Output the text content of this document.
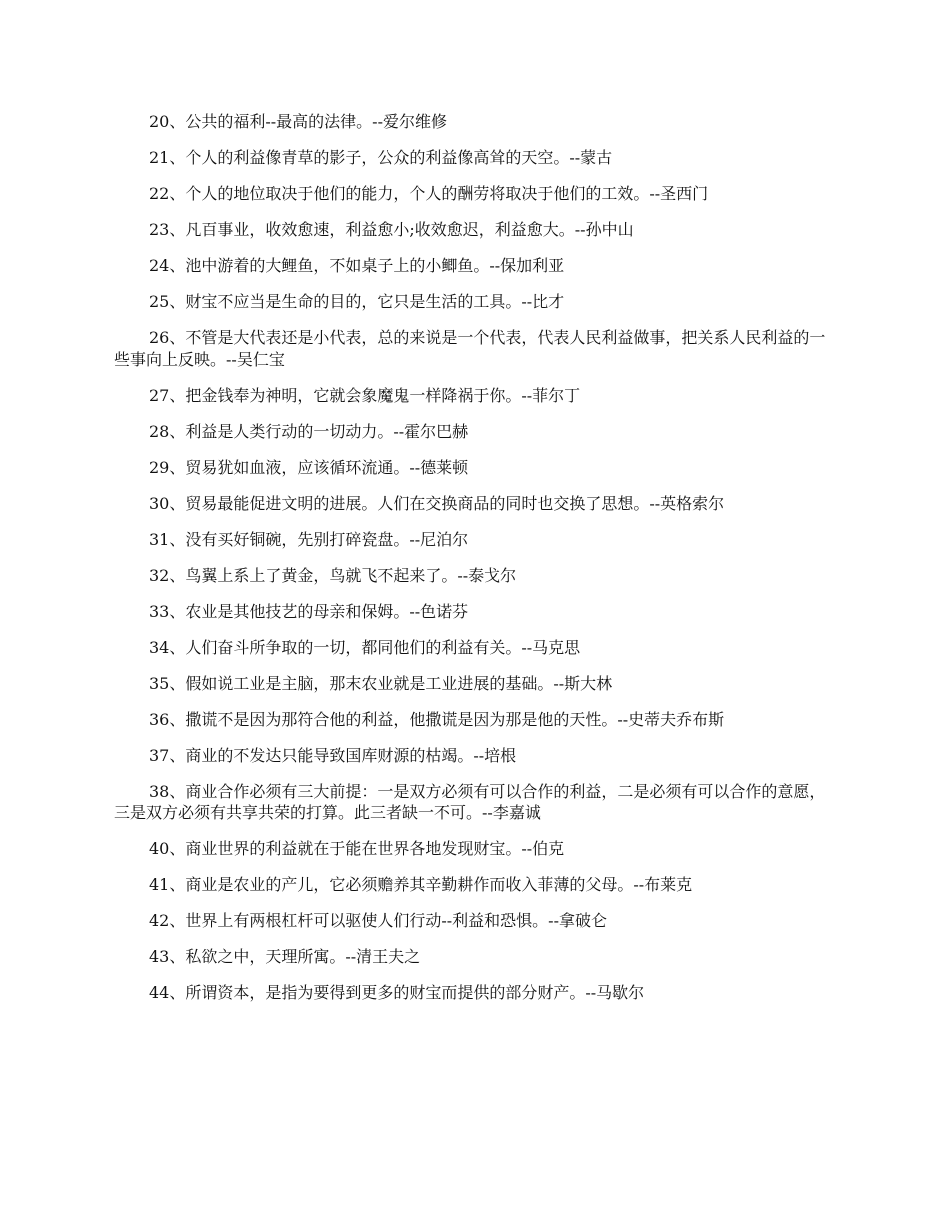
20、公共的福利--最高的法律。--爱尔维修

21、个人的利益像青草的影子，公众的利益像高耸的天空。--蒙古

22、个人的地位取决于他们的能力，个人的酬劳将取决于他们的工效。--圣西门

23、凡百事业，收效愈速，利益愈小;收效愈迟，利益愈大。--孙中山

24、池中游着的大鲤鱼，不如桌子上的小鲫鱼。--保加利亚

25、财宝不应当是生命的目的，它只是生活的工具。--比才

26、不管是大代表还是小代表，总的来说是一个代表，代表人民利益做事，把关系人民利益的一些事向上反映。--吴仁宝

27、把金钱奉为神明，它就会象魔鬼一样降祸于你。--菲尔丁

28、利益是人类行动的一切动力。--霍尔巴赫

29、贸易犹如血液，应该循环流通。--德莱顿

30、贸易最能促进文明的进展。人们在交换商品的同时也交换了思想。--英格索尔

31、没有买好铜碗，先别打碎瓷盘。--尼泊尔

32、鸟翼上系上了黄金，鸟就飞不起来了。--泰戈尔

33、农业是其他技艺的母亲和保姆。--色诺芬

34、人们奋斗所争取的一切，都同他们的利益有关。--马克思

35、假如说工业是主脑，那末农业就是工业进展的基础。--斯大林

36、撒谎不是因为那符合他的利益，他撒谎是因为那是他的天性。--史蒂夫乔布斯

37、商业的不发达只能导致国库财源的枯竭。--培根

38、商业合作必须有三大前提：一是双方必须有可以合作的利益，二是必须有可以合作的意愿，三是双方必须有共享共荣的打算。此三者缺一不可。--李嘉诚

40、商业世界的利益就在于能在世界各地发现财宝。--伯克

41、商业是农业的产儿，它必须赡养其辛勤耕作而收入菲薄的父母。--布莱克

42、世界上有两根杠杆可以驱使人们行动--利益和恐惧。--拿破仑

43、私欲之中，天理所寓。--清王夫之

44、所谓资本，是指为要得到更多的财宝而提供的部分财产。--马歇尔
